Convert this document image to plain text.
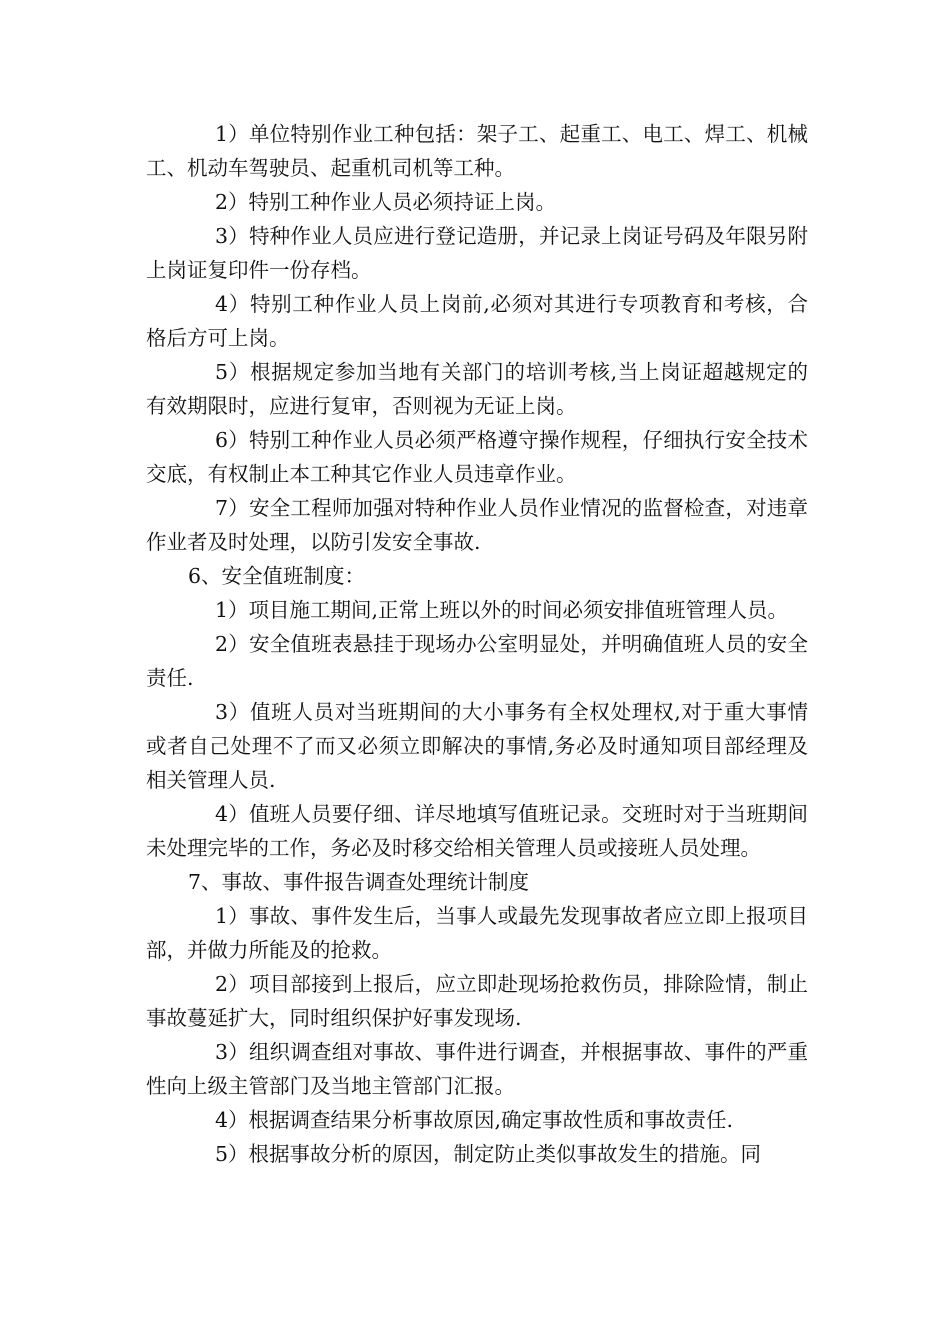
1）单位特别作业工种包括：架子工、起重工、电工、焊工、机械工、机动车驾驶员、起重机司机等工种。

2）特别工种作业人员必须持证上岗。

3）特种作业人员应进行登记造册，并记录上岗证号码及年限另附上岗证复印件一份存档。

4）特别工种作业人员上岗前,必须对其进行专项教育和考核，合格后方可上岗。

5）根据规定参加当地有关部门的培训考核,当上岗证超越规定的有效期限时，应进行复审，否则视为无证上岗。

6）特别工种作业人员必须严格遵守操作规程，仔细执行安全技术交底，有权制止本工种其它作业人员违章作业。

7）安全工程师加强对特种作业人员作业情况的监督检查，对违章作业者及时处理，以防引发安全事故.

6、安全值班制度：

1）项目施工期间,正常上班以外的时间必须安排值班管理人员。

2）安全值班表悬挂于现场办公室明显处，并明确值班人员的安全责任.

3）值班人员对当班期间的大小事务有全权处理权,对于重大事情或者自己处理不了而又必须立即解决的事情,务必及时通知项目部经理及相关管理人员.

4）值班人员要仔细、详尽地填写值班记录。交班时对于当班期间未处理完毕的工作，务必及时移交给相关管理人员或接班人员处理。

7、事故、事件报告调查处理统计制度

1）事故、事件发生后，当事人或最先发现事故者应立即上报项目部，并做力所能及的抢救。

2）项目部接到上报后，应立即赴现场抢救伤员，排除险情，制止事故蔓延扩大，同时组织保护好事发现场.

3）组织调查组对事故、事件进行调查，并根据事故、事件的严重性向上级主管部门及当地主管部门汇报。

4）根据调查结果分析事故原因,确定事故性质和事故责任.

5）根据事故分析的原因，制定防止类似事故发生的措施。同
